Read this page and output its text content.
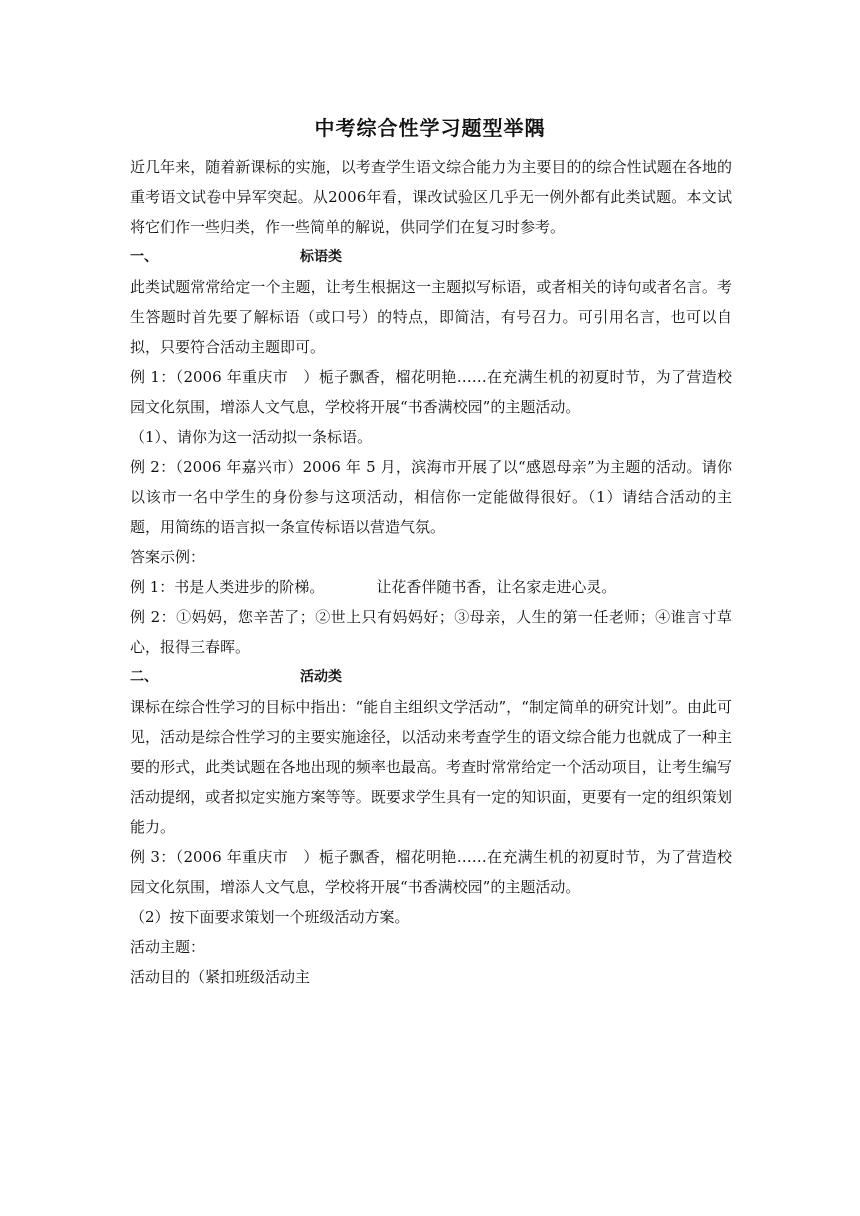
中考综合性学习题型举隅

近几年来，随着新课标的实施，以考查学生语文综合能力为主要目的的综合性试题在各地的重考语文试卷中异军突起。从2006年看，课改试验区几乎无一例外都有此类试题。本文试将它们作一些归类，作一些简单的解说，供同学们在复习时参考。

一、	标语类

此类试题常常给定一个主题，让考生根据这一主题拟写标语，或者相关的诗句或者名言。考生答题时首先要了解标语（或口号）的特点，即简洁，有号召力。可引用名言，也可以自拟，只要符合活动主题即可。

例 1：（2006 年重庆市　）栀子飘香，榴花明艳……在充满生机的初夏时节，为了营造校园文化氛围，增添人文气息，学校将开展“书香满校园”的主题活动。

（1）、请你为这一活动拟一条标语。

例 2：（2006 年嘉兴市）2006 年 5 月，滨海市开展了以“感恩母亲”为主题的活动。请你以该市一名中学生的身份参与这项活动，相信你一定能做得很好。（1）请结合活动的主题，用简练的语言拟一条宣传标语以营造气氛。

答案示例：

例 1：书是人类进步的阶梯。	让花香伴随书香，让名家走进心灵。

例 2：①妈妈，您辛苦了；②世上只有妈妈好；③母亲，人生的第一任老师；④谁言寸草心，报得三春晖。

二、	活动类

课标在综合性学习的目标中指出：“能自主组织文学活动”，“制定简单的研究计划”。由此可见，活动是综合性学习的主要实施途径，以活动来考查学生的语文综合能力也就成了一种主要的形式，此类试题在各地出现的频率也最高。考查时常常给定一个活动项目，让考生编写活动提纲，或者拟定实施方案等等。既要求学生具有一定的知识面，更要有一定的组织策划能力。

例 3：（2006 年重庆市　）栀子飘香，榴花明艳……在充满生机的初夏时节，为了营造校园文化氛围，增添人文气息，学校将开展“书香满校园”的主题活动。

（2）按下面要求策划一个班级活动方案。

活动主题：

活动目的（紧扣班级活动主
